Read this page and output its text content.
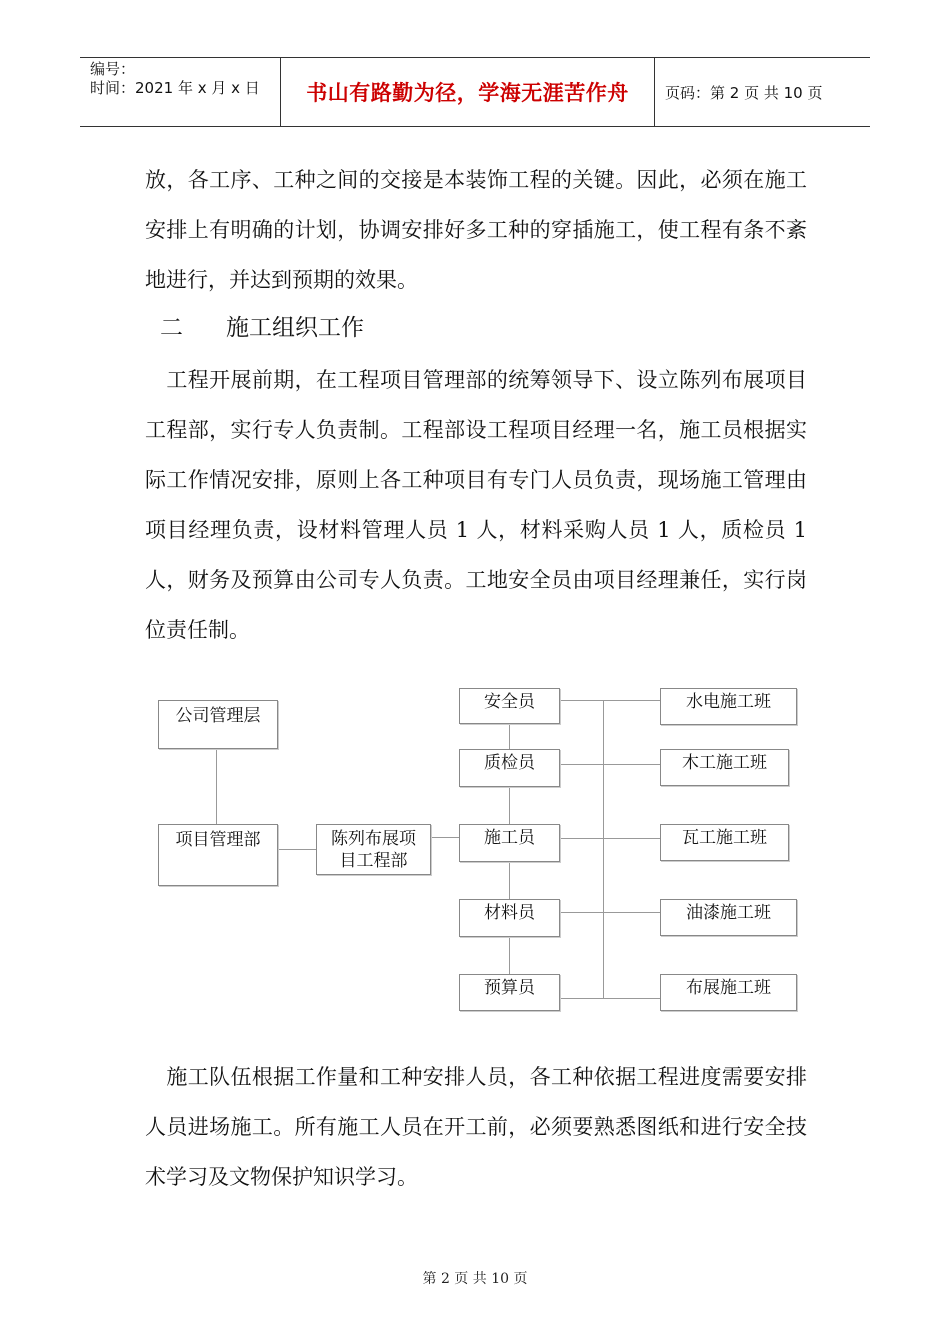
编号：
时间：2021 年 x 月 x 日	书山有路勤为径，学海无涯苦作舟	页码：第 2 页 共 10 页

放，各工序、工种之间的交接是本装饰工程的关键。因此，必须在施工安排上有明确的计划，协调安排好多工种的穿插施工，使工程有条不紊地进行，并达到预期的效果。

二	施工组织工作

　工程开展前期，在工程项目管理部的统筹领导下、设立陈列布展项目工程部，实行专人负责制。工程部设工程项目经理一名，施工员根据实际工作情况安排，原则上各工种项目有专门人员负责，现场施工管理由项目经理负责，设材料管理人员 1 人，材料采购人员 1 人，质检员 1 人，财务及预算由公司专人负责。工地安全员由项目经理兼任，实行岗位责任制。

公司管理层
项目管理部	陈列布展项
目工程部
安全员
质检员
施工员
材料员
预算员
水电施工班
木工施工班
瓦工施工班
油漆施工班
布展施工班

　施工队伍根据工作量和工种安排人员，各工种依据工程进度需要安排人员进场施工。所有施工人员在开工前，必须要熟悉图纸和进行安全技术学习及文物保护知识学习。

第 2 页 共 10 页
